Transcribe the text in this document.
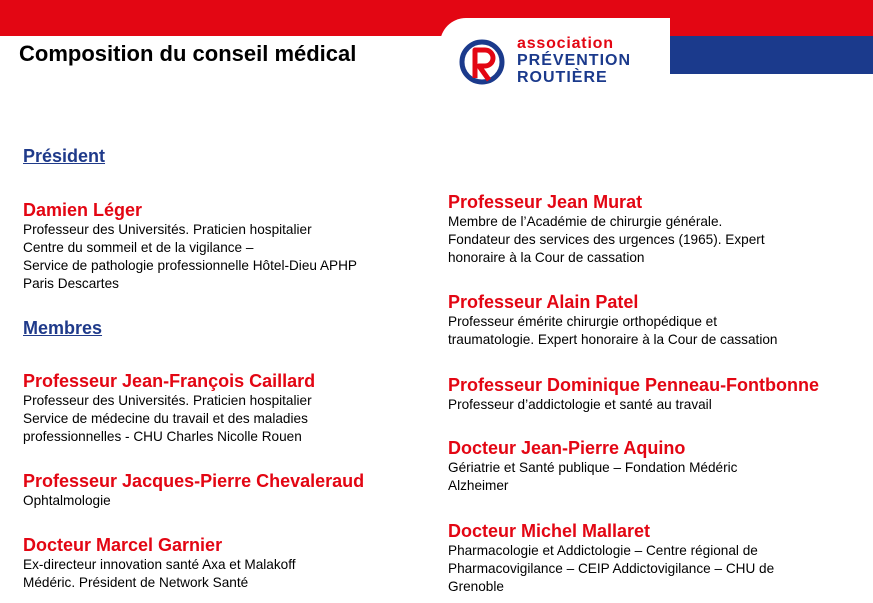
Composition du conseil médical	association
PRÉVENTION
ROUTIÈRE
Président
Damien Léger
Professeur des Universités. Praticien hospitalier
Centre du sommeil et de la vigilance –
Service de pathologie professionnelle Hôtel-Dieu APHP
Paris Descartes
Membres
Professeur Jean-François Caillard
Professeur des Universités. Praticien hospitalier
Service de médecine du travail et des maladies
professionnelles - CHU Charles Nicolle Rouen
Professeur Jacques-Pierre Chevaleraud
Ophtalmologie
Docteur Marcel Garnier
Ex-directeur innovation santé Axa et Malakoff
Médéric. Président de Network Santé
Professeur Jean Murat
Membre de l’Académie de chirurgie générale.
Fondateur des services des urgences (1965). Expert
honoraire à la Cour de cassation
Professeur Alain Patel
Professeur émérite chirurgie orthopédique et
traumatologie. Expert honoraire à la Cour de cassation
Professeur Dominique Penneau-Fontbonne
Professeur d’addictologie et santé au travail
Docteur Jean-Pierre Aquino
Gériatrie et Santé publique – Fondation Médéric
Alzheimer
Docteur Michel Mallaret
Pharmacologie et Addictologie – Centre régional de
Pharmacovigilance – CEIP Addictovigilance – CHU de
Grenoble
